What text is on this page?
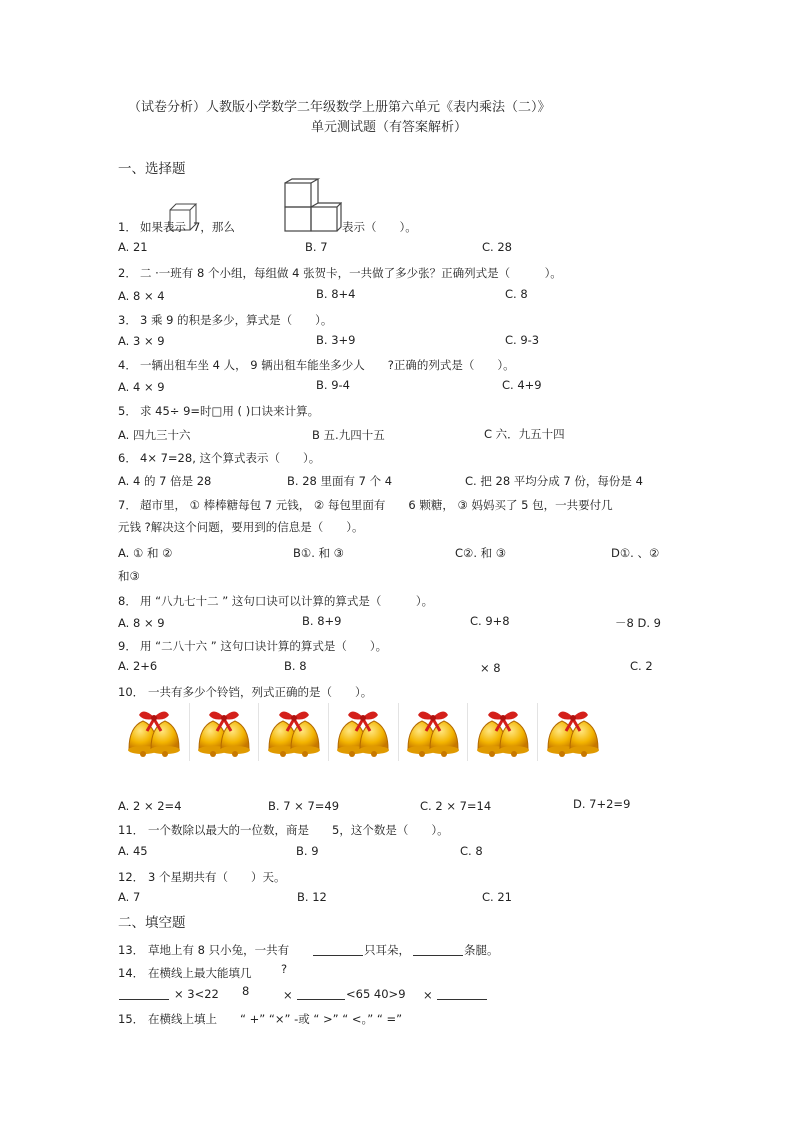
（试卷分析）人教版小学数学二年级数学上册第六单元《表内乘法（二）》
单元测试题（有答案解析）
一、选择题
1． 如果表示 7，那么	表示（　　）。
A. 21	B. 7	C. 28
2． 二 ·一班有 8 个小组，每组做 4 张贺卡，一共做了多少张？正确列式是（　　　）。
A. 8 × 4	B. 8+4	C. 8
3． 3 乘 9 的积是多少，算式是（　　）。
A. 3 × 9	B. 3+9	C. 9-3
4． 一辆出租车坐 4 人， 9 辆出租车能坐多少人　　?正确的列式是（　　）。
A. 4 × 9	B. 9-4	C. 4+9
5． 求 45÷ 9=时□用 ( )口诀来计算。
A. 四九三十六	B 五.九四十五	C 六．九五十四
6． 4× 7=28, 这个算式表示（　　）。
A. 4 的 7 倍是 28	B. 28 里面有 7 个 4	C. 把 28 平均分成 7 份，每份是 4
7． 超市里， ① 棒棒糖每包 7 元钱， ② 每包里面有　　6 颗糖， ③ 妈妈买了 5 包，一共要付几
元钱 ?解决这个问题，要用到的信息是（　　）。
A. ① 和 ②	B①. 和 ③	C②. 和 ③	D①. 、②
和③
8． 用 “八九七十二 ” 这句口诀可以计算的算式是（　　　）。
A. 8 × 9	B. 8+9	C. 9+8	－8 D. 9
9． 用 “二八十六 ” 这句口诀计算的算式是（　　）。
A. 2+6	B. 8	× 8	C. 2
10． 一共有多少个铃铛，列式正确的是（　　）。
A. 2 × 2=4	B. 7 × 7=49	C. 2 × 7=14	D. 7+2=9
11． 一个数除以最大的一位数，商是　　5，这个数是（　　）。
A. 45	B. 9	C. 8
12． 3 个星期共有（　　）天。
A. 7	B. 12	C. 21
二、填空题
13． 草地上有 8 只小兔，一共有	只耳朵，	条腿。
14． 在横线上最大能填几	?
× 3<22 8	×	<65 40>9 ×
15． 在横线上填上　　“ +” “×” -或 “ >” “ <。” “ =”
